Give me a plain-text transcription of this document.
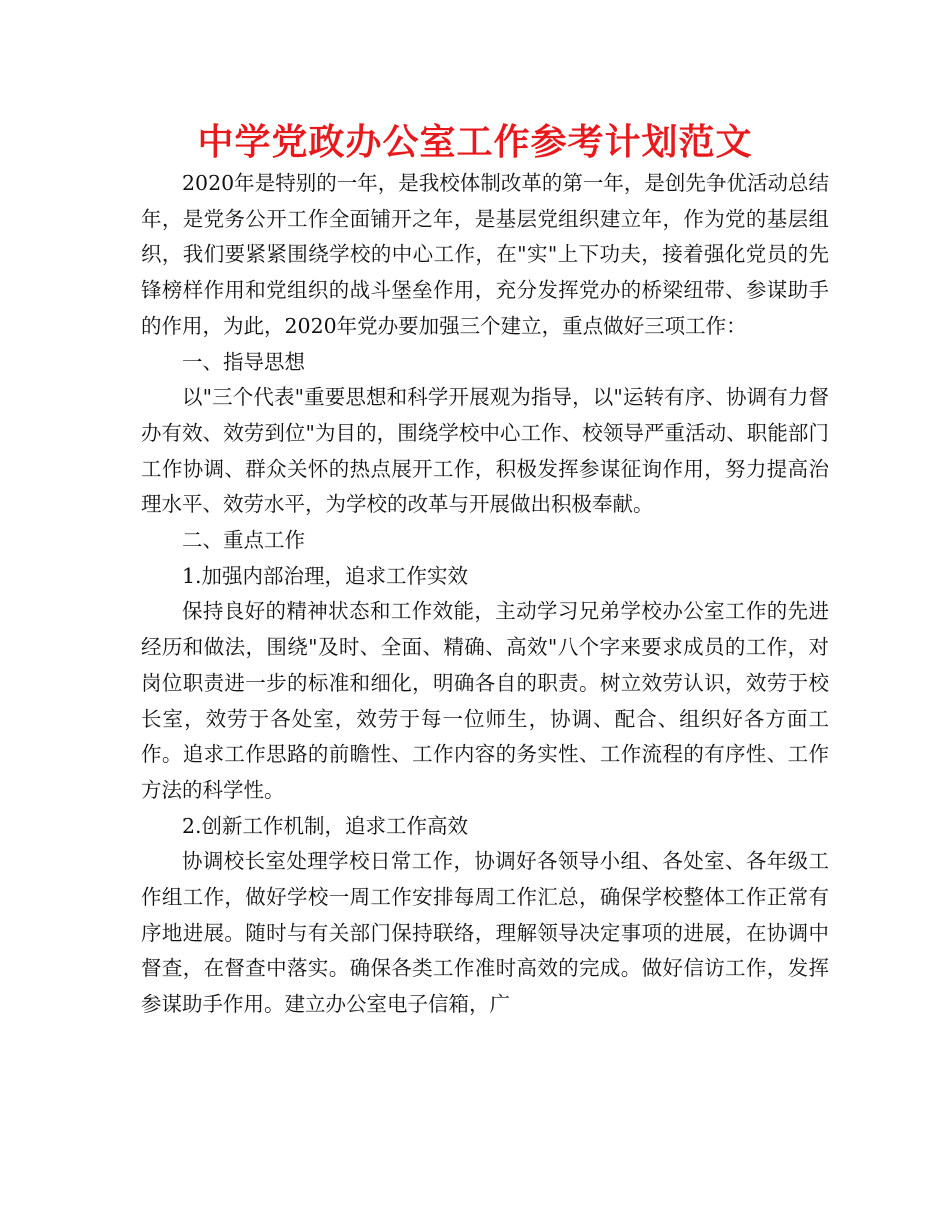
中学党政办公室工作参考计划范文

2020年是特别的一年，是我校体制改革的第一年，是创先争优活动总结年，是党务公开工作全面铺开之年，是基层党组织建立年，作为党的基层组织，我们要紧紧围绕学校的中心工作，在"实"上下功夫，接着强化党员的先锋榜样作用和党组织的战斗堡垒作用，充分发挥党办的桥梁纽带、参谋助手的作用，为此，2020年党办要加强三个建立，重点做好三项工作：

一、指导思想

以"三个代表"重要思想和科学开展观为指导，以"运转有序、协调有力督办有效、效劳到位"为目的，围绕学校中心工作、校领导严重活动、职能部门工作协调、群众关怀的热点展开工作，积极发挥参谋征询作用，努力提高治理水平、效劳水平，为学校的改革与开展做出积极奉献。

二、重点工作

1.加强内部治理，追求工作实效

保持良好的精神状态和工作效能，主动学习兄弟学校办公室工作的先进经历和做法，围绕"及时、全面、精确、高效"八个字来要求成员的工作，对岗位职责进一步的标准和细化，明确各自的职责。树立效劳认识，效劳于校长室，效劳于各处室，效劳于每一位师生，协调、配合、组织好各方面工作。追求工作思路的前瞻性、工作内容的务实性、工作流程的有序性、工作方法的科学性。

2.创新工作机制，追求工作高效

协调校长室处理学校日常工作，协调好各领导小组、各处室、各年级工作组工作，做好学校一周工作安排每周工作汇总，确保学校整体工作正常有序地进展。随时与有关部门保持联络，理解领导决定事项的进展，在协调中督查，在督查中落实。确保各类工作准时高效的完成。做好信访工作，发挥参谋助手作用。建立办公室电子信箱，广
